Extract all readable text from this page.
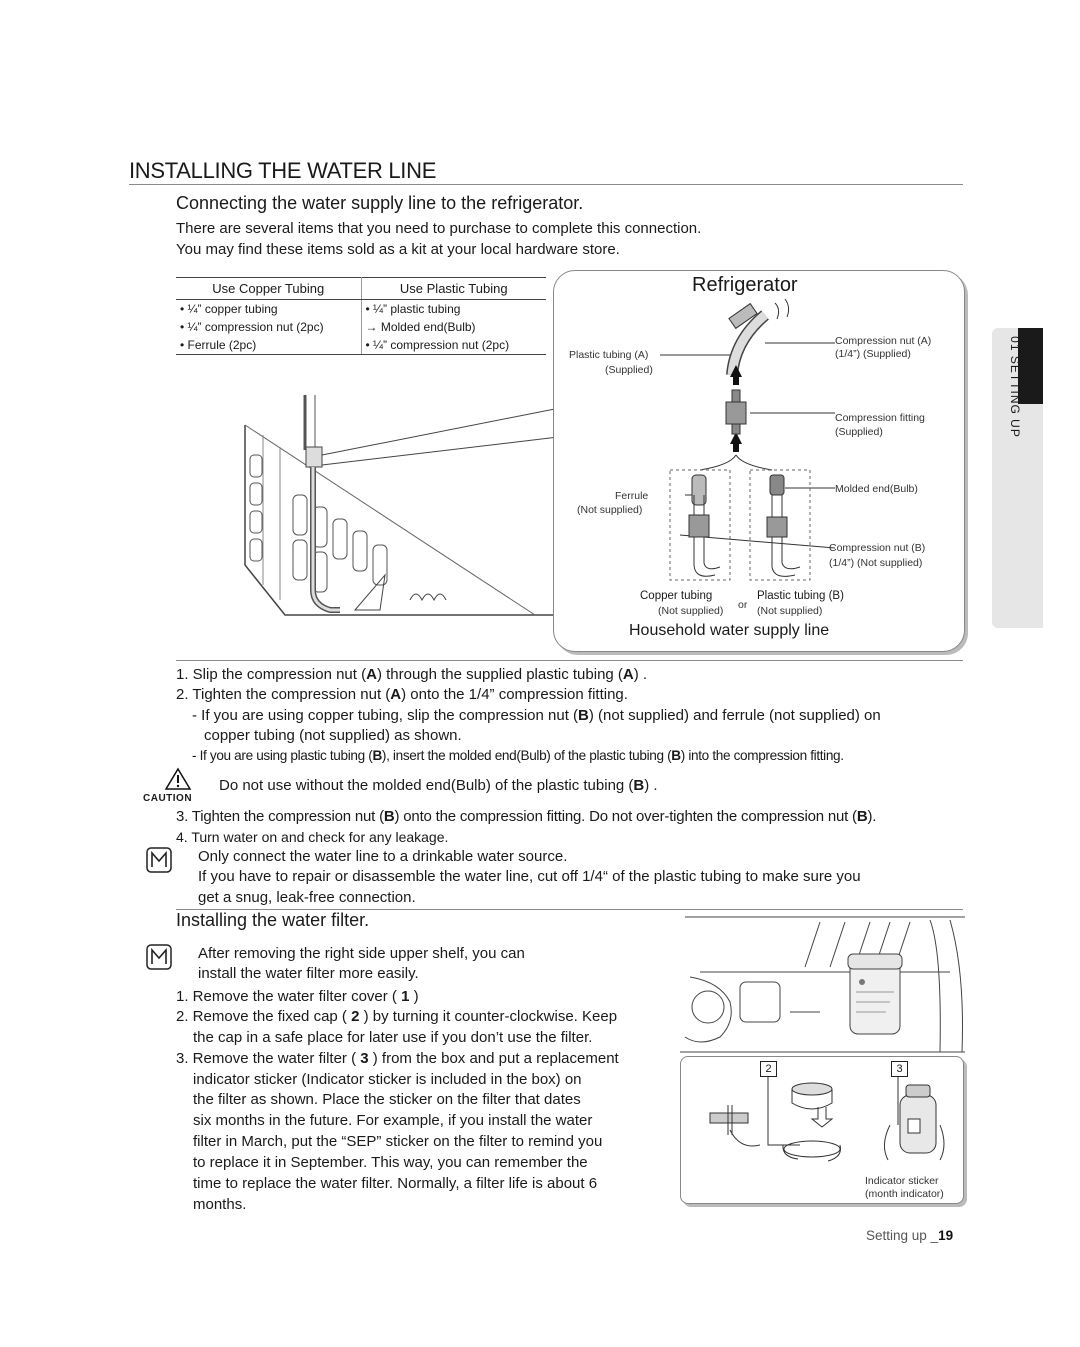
INSTALLING THE WATER LINE
Connecting the water supply line to the refrigerator.
There are several items that you need to purchase to complete this connection.
You may find these items sold as a kit at your local hardware store.
Use Copper Tubing	Use Plastic Tubing
• ¼” copper tubing	• ¼” plastic tubing
• ¼” compression nut (2pc)	→ Molded end(Bulb)
• Ferrule (2pc)	• ¼” compression nut (2pc)
Refrigerator
Household water supply line
Plastic tubing (A)
(Supplied)
Compression nut (A)
(1/4”) (Supplied)
Compression fitting
(Supplied)
Ferrule
(Not supplied)
Molded end(Bulb)
Compression nut (B)
(1/4”) (Not supplied)
Copper tubing
(Not supplied) or
Plastic tubing (B)
(Not supplied)
01 SETTING UP
1. Slip the compression nut (A) through the supplied plastic tubing (A) .
2. Tighten the compression nut (A) onto the 1/4” compression fitting.
- If you are using copper tubing, slip the compression nut (B) (not supplied) and ferrule (not supplied) on
copper tubing (not supplied) as shown.
- If you are using plastic tubing (B), insert the molded end(Bulb) of the plastic tubing (B) into the compression fitting.
CAUTION
Do not use without the molded end(Bulb) of the plastic tubing (B) .
3. Tighten the compression nut (B) onto the compression fitting. Do not over-tighten the compression nut (B).
4. Turn water on and check for any leakage.
Only connect the water line to a drinkable water source.
If you have to repair or disassemble the water line, cut off 1/4“ of the plastic tubing to make sure you
get a snug, leak-free connection.
Installing the water filter.
After removing the right side upper shelf, you can
install the water filter more easily.
1. Remove the water filter cover ( 1 )
2. Remove the fixed cap ( 2 ) by turning it counter-clockwise. Keep
the cap in a safe place for later use if you don’t use the filter.
3. Remove the water filter ( 3 ) from the box and put a replacement
indicator sticker (Indicator sticker is included in the box) on
the filter as shown. Place the sticker on the filter that dates
six months in the future. For example, if you install the water
filter in March, put the “SEP” sticker on the filter to remind you
to replace it in September. This way, you can remember the
time to replace the water filter. Normally, a filter life is about 6
months.
2	3
Indicator sticker
(month indicator)
Setting up _19
